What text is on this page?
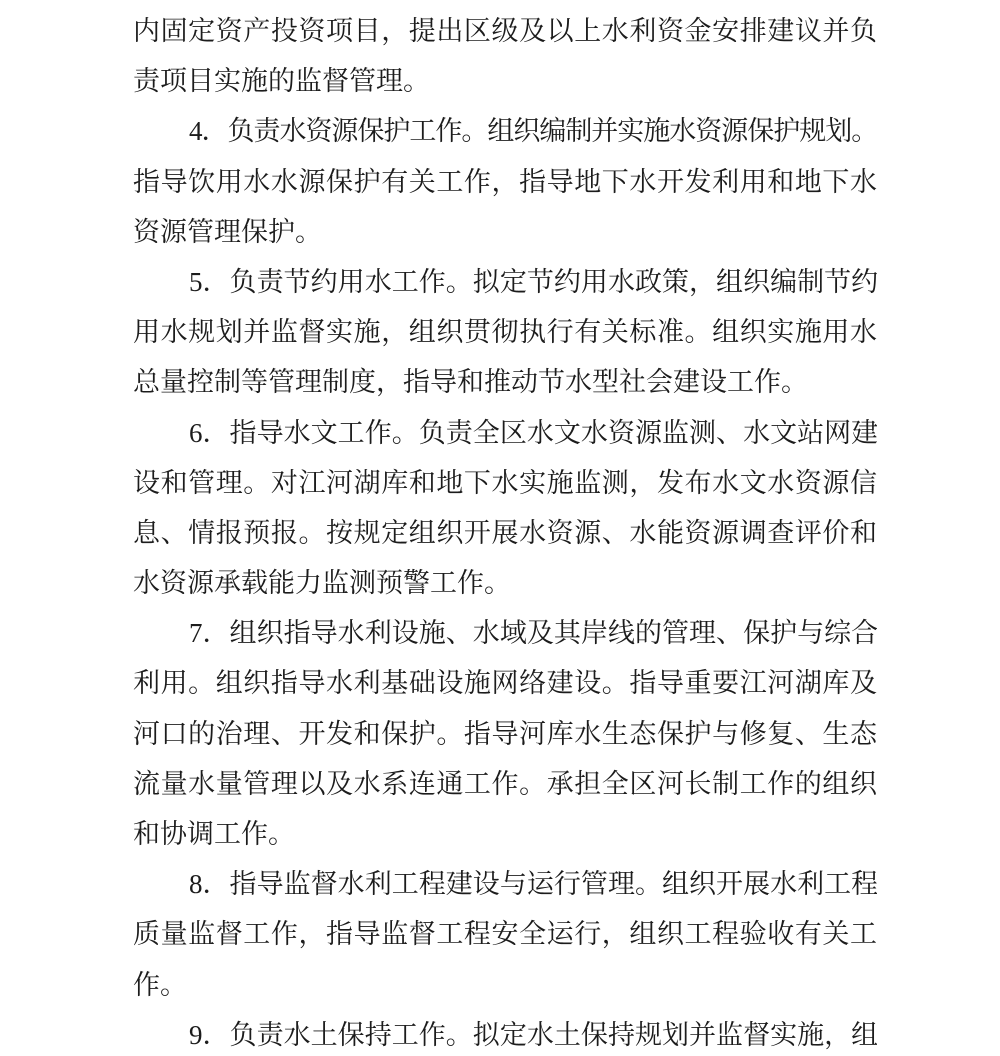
内固定资产投资项目，提出区级及以上水利资金安排建议并负
责项目实施的监督管理。
4．负责水资源保护工作。组织编制并实施水资源保护规划。
指导饮用水水源保护有关工作，指导地下水开发利用和地下水
资源管理保护。
5．负责节约用水工作。拟定节约用水政策，组织编制节约
用水规划并监督实施，组织贯彻执行有关标准。组织实施用水
总量控制等管理制度，指导和推动节水型社会建设工作。
6．指导水文工作。负责全区水文水资源监测、水文站网建
设和管理。对江河湖库和地下水实施监测，发布水文水资源信
息、情报预报。按规定组织开展水资源、水能资源调查评价和
水资源承载能力监测预警工作。
7．组织指导水利设施、水域及其岸线的管理、保护与综合
利用。组织指导水利基础设施网络建设。指导重要江河湖库及
河口的治理、开发和保护。指导河库水生态保护与修复、生态
流量水量管理以及水系连通工作。承担全区河长制工作的组织
和协调工作。
8．指导监督水利工程建设与运行管理。组织开展水利工程
质量监督工作，指导监督工程安全运行，组织工程验收有关工
作。
9．负责水土保持工作。拟定水土保持规划并监督实施，组
